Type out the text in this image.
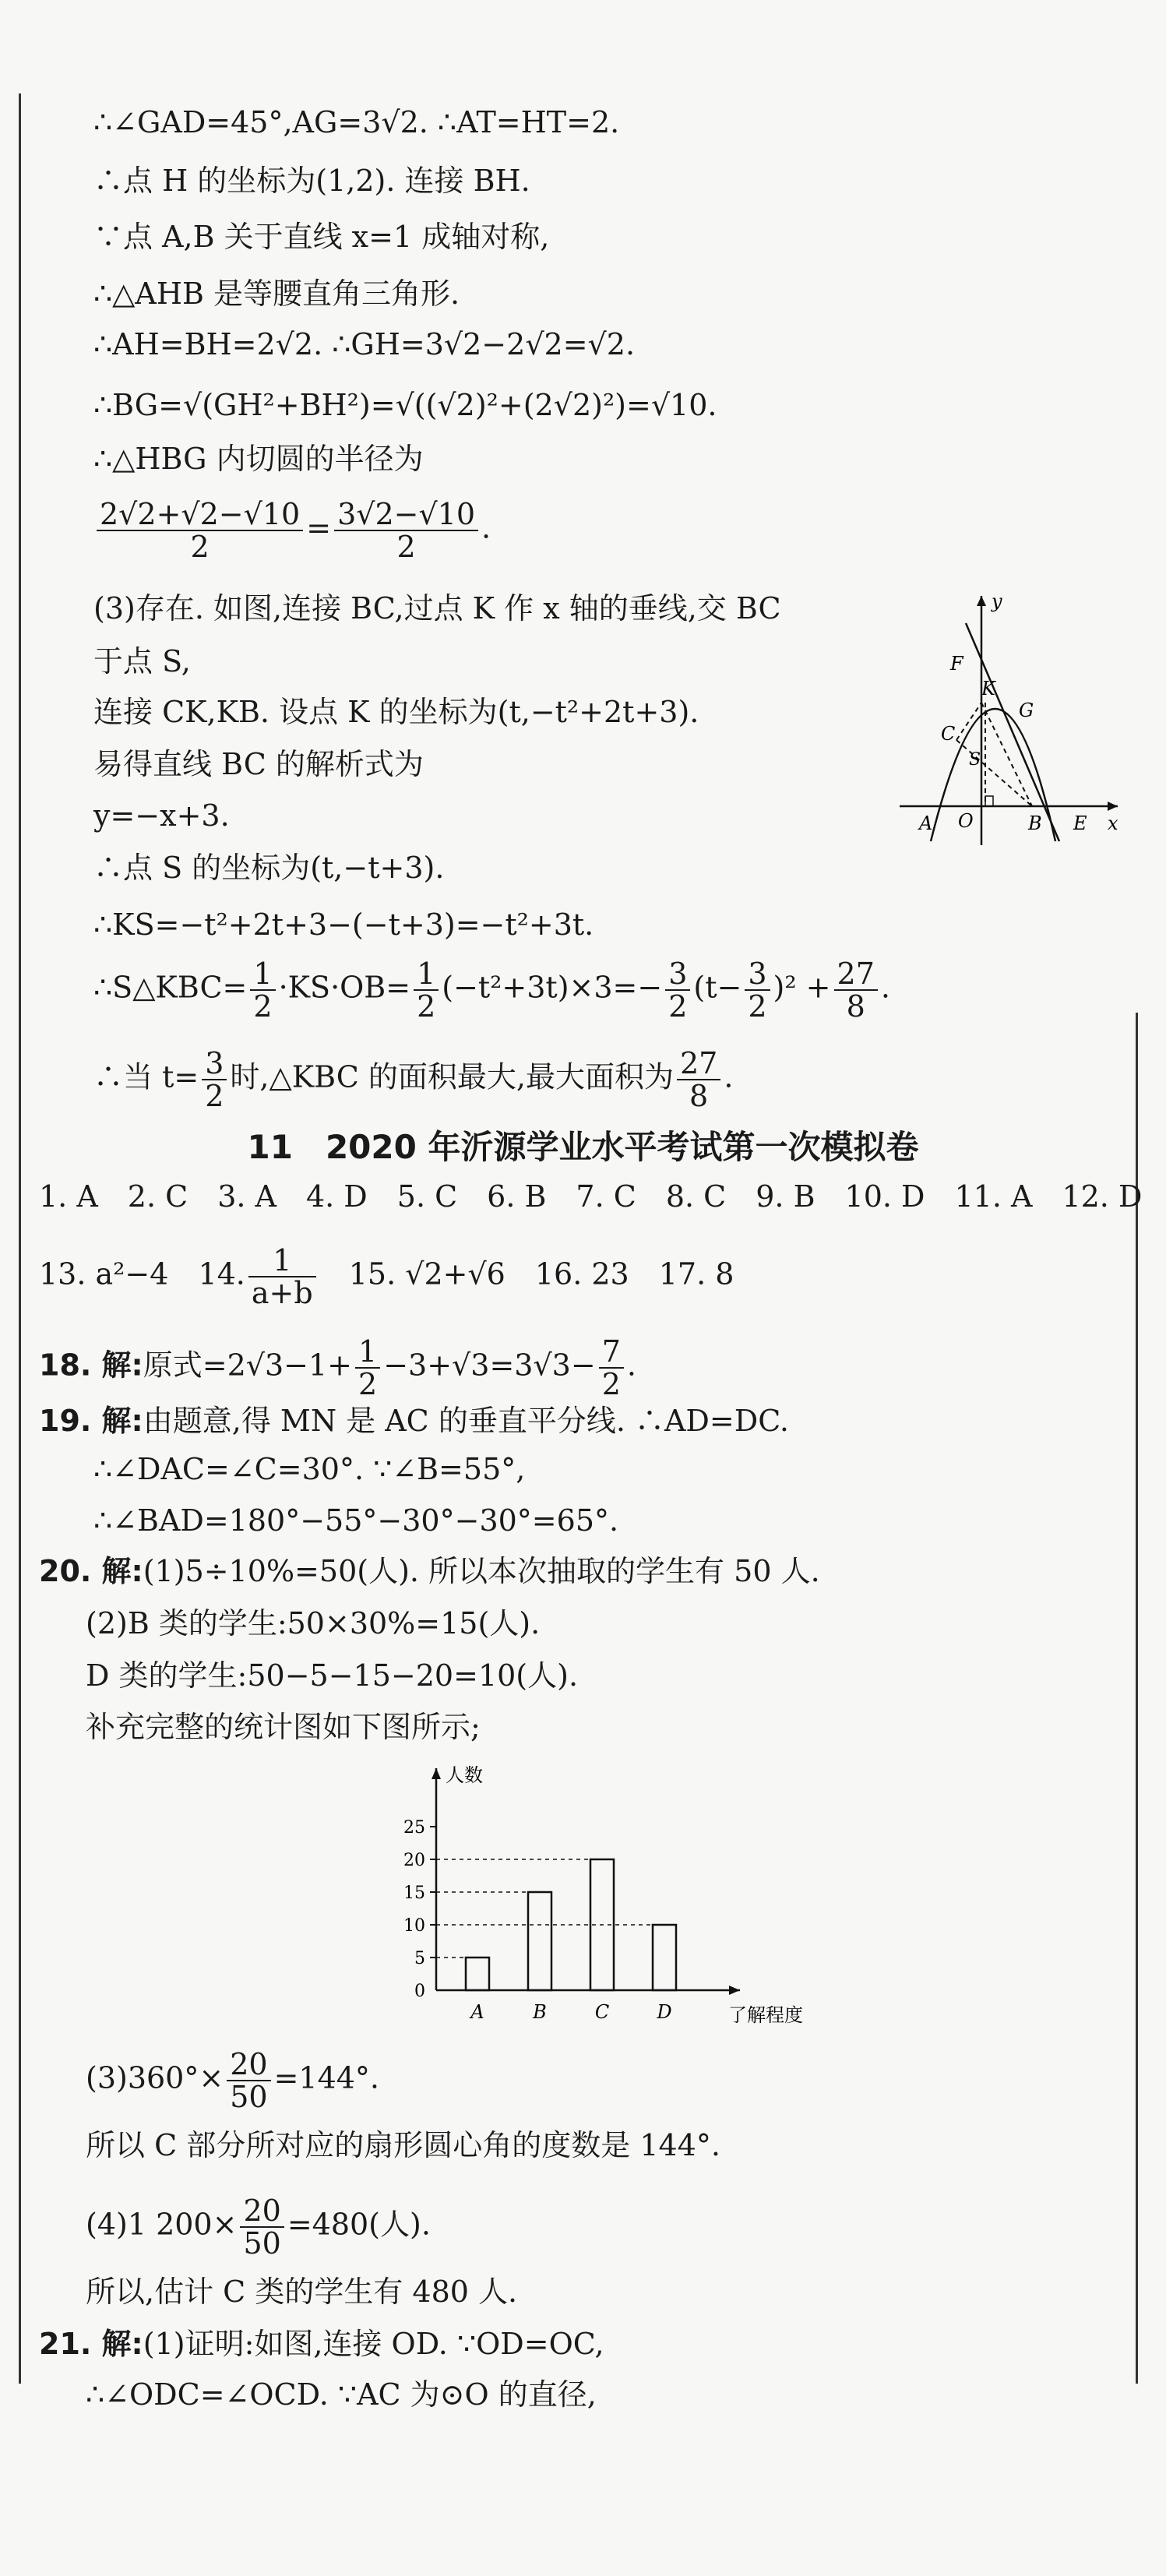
∴∠GAD=45°,AG=3√2. ∴AT=HT=2.
∴点 H 的坐标为(1,2). 连接 BH.
∵点 A,B 关于直线 x=1 成轴对称,
∴△AHB 是等腰直角三角形.
∴AH=BH=2√2. ∴GH=3√2−2√2=√2.
∴BG=√(GH²+BH²)=√((√2)²+(2√2)²)=√10.
∴△HBG 内切圆的半径为
$\frac{2√2+√2-√10}{2} = \frac{3√2-√10}{2}$ .
(3)存在. 如图,连接 BC,过点 K 作 x 轴的垂线,交 BC
于点 S,
连接 CK,KB. 设点 K 的坐标为(t,−t²+2t+3).
易得直线 BC 的解析式为
y=−x+3.
∴点 S 的坐标为(t,−t+3).
∴KS=−t²+2t+3−(−t+3)=−t²+3t.
∴S△KBC= $\frac{1}{2} \cdot KS\cdot OB= \frac{1}{2} (-t^2+3t)\times 3=- \frac{3}{2} (t- \frac{3}{2} )^2 + \frac{27}{8}$ .
∴当 $t= \frac{3}{2}$ 时,△KBC 的面积最大,最大面积为 $\frac{27}{8}$ .
y
x
F
K
G
C
S
A O	B E
11　2020 年沂源学业水平考试第一次模拟卷
1. A　2. C　3. A　4. D　5. C　6. B　7. C　8. C　9. B　10. D　11. A　12. D
13. a²−4　 14. $\frac{1}{a+b}$
　 15. √2+√6　16. 23　17. 8
18. 解:原式$=2√3-1+ \frac{1}{2} -3+√3=3√3- \frac{7}{2}$ .
19. 解:由题意,得 MN 是 AC 的垂直平分线. ∴AD=DC.
∴∠DAC=∠C=30°. ∵∠B=55°,
∴∠BAD=180°−55°−30°−30°=65°.
20. 解:(1)5÷10%=50(人). 所以本次抽取的学生有 50 人.
(2)B 类的学生:50×30%=15(人).
D 类的学生:50−5−15−20=10(人).
补充完整的统计图如下图所示;
0
5
10
15
20
25
A	B	C	D
人数
了解程度
$(3)360^\circ\times \frac{20}{50} =144^\circ$.
所以 C 部分所对应的扇形圆心角的度数是 144°.
(4)1 $200\times \frac{20}{50} =480$(人).
所以,估计 C 类的学生有 480 人.
21. 解:(1)证明:如图,连接 OD. ∵OD=OC,
∴∠ODC=∠OCD. ∵AC 为⊙O 的直径,
